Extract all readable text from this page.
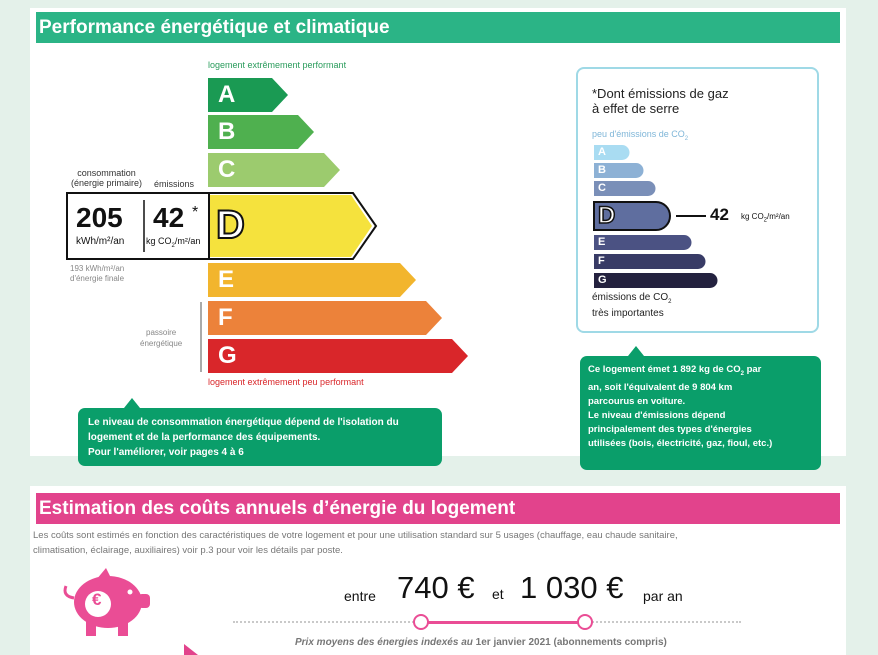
Performance énergétique et climatique
logement extrêmement performant
logement extrêmement peu performant
A
B
C
E
F
G
D
consommation
(énergie primaire) émissions
205
kWh/m²/an
42 *
kg $CO_2/m^2/an$
193 kWh/m²/an
d'énergie finale
passoire
énergétique
Le niveau de consommation énergétique dépend de l'isolation du
logement et de la performance des équipements.
Pour l'améliorer, voir pages 4 à 6
*Dont émissions de gaz
à effet de serre
peu d'émissions de $CO_2$
A
B
C
D	42 kg $CO_2/m^2/an$
E
F
G
émissions de $CO_2$
très importantes
Ce logement émet 1 892 kg de $CO_2$ par
an, soit l'équivalent de 9 804 km
parcourus en voiture.
Le niveau d'émissions dépend
principalement des types d'énergies
utilisées (bois, électricité, gaz, fioul, etc.)
Estimation des coûts annuels d’énergie du logement
Les coûts sont estimés en fonction des caractéristiques de votre logement et pour une utilisation standard sur 5 usages (chauffage, eau chaude sanitaire,
climatisation, éclairage, auxiliaires) voir p.3 pour voir les détails par poste.
€	entre 740 € et 1 030 € par an
Prix moyens des énergies indexés au 1er janvier 2021 (abonnements compris)
